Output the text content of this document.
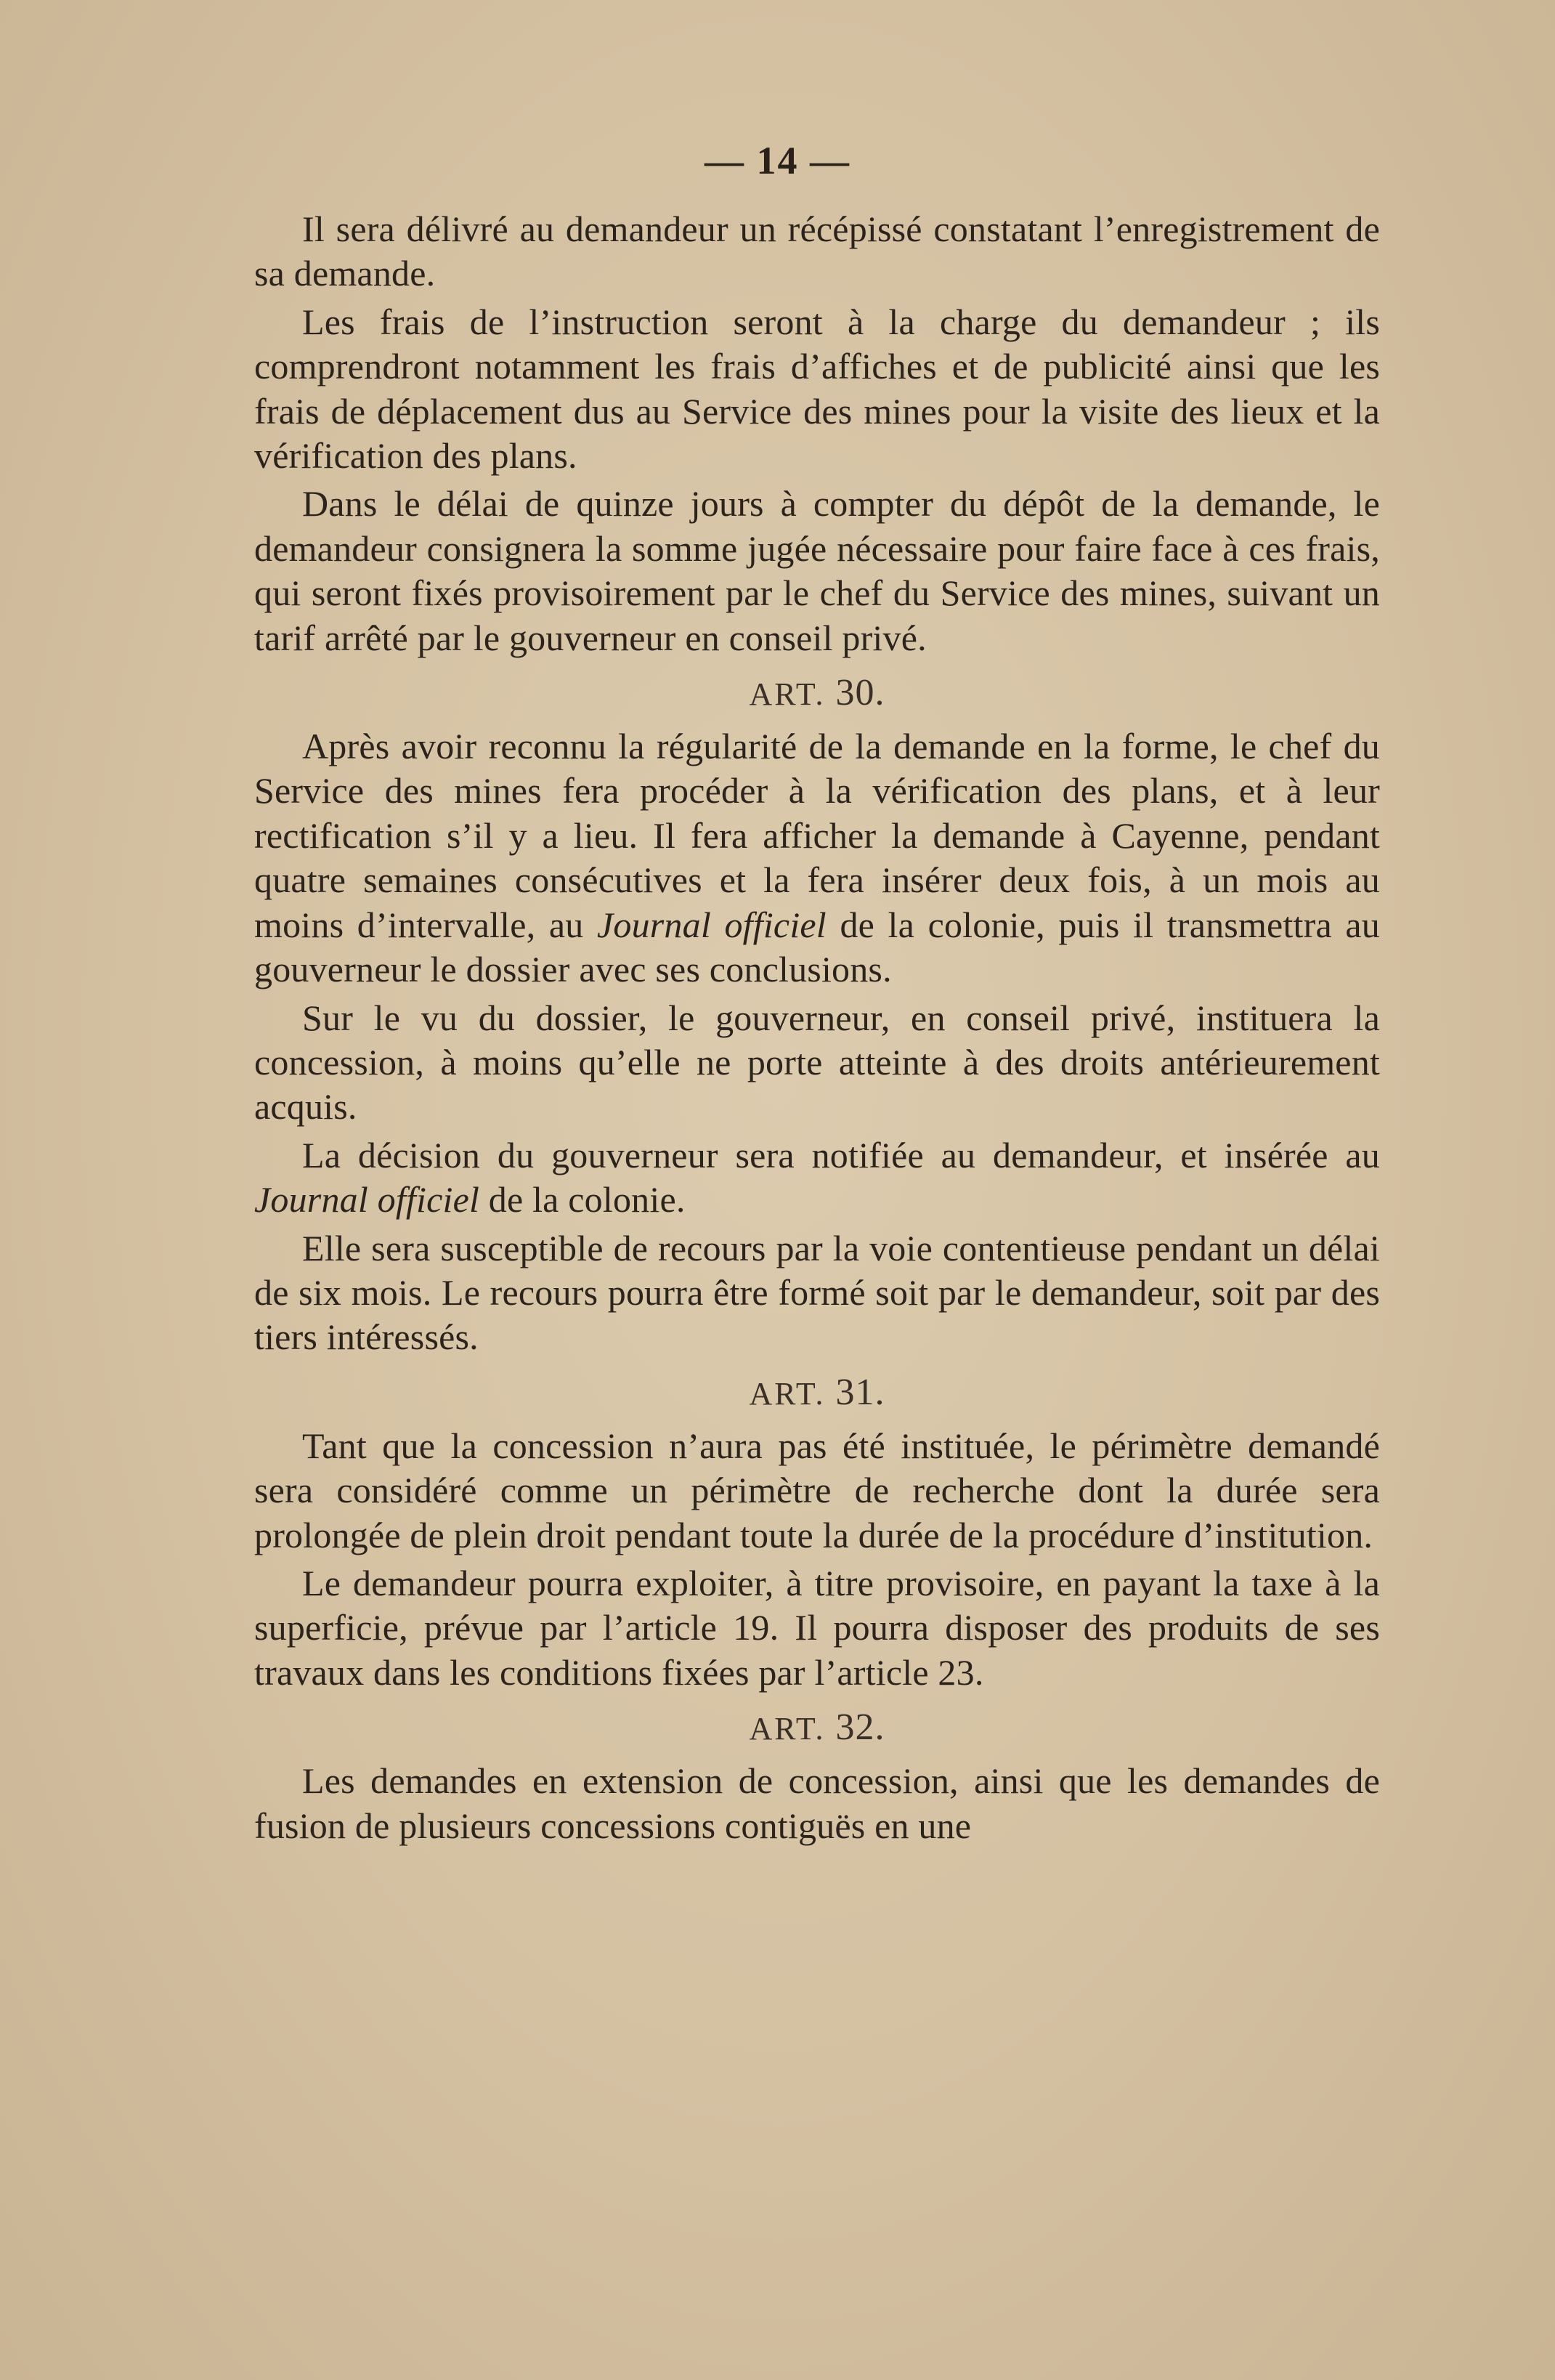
— 14 —

Il sera délivré au demandeur un récépissé constatant l’enregistrement de sa demande.

Les frais de l’instruction seront à la charge du demandeur ; ils comprendront notamment les frais d’affiches et de publicité ainsi que les frais de déplacement dus au Service des mines pour la visite des lieux et la vérification des plans.

Dans le délai de quinze jours à compter du dépôt de la demande, le demandeur consignera la somme jugée nécessaire pour faire face à ces frais, qui seront fixés provisoirement par le chef du Service des mines, suivant un tarif arrêté par le gouverneur en conseil privé.

ART. 30.

Après avoir reconnu la régularité de la demande en la forme, le chef du Service des mines fera procéder à la vérification des plans, et à leur rectification s’il y a lieu. Il fera afficher la demande à Cayenne, pendant quatre semaines consécutives et la fera insérer deux fois, à un mois au moins d’intervalle, au Journal officiel de la colonie, puis il transmettra au gouverneur le dossier avec ses conclusions.

Sur le vu du dossier, le gouverneur, en conseil privé, instituera la concession, à moins qu’elle ne porte atteinte à des droits antérieurement acquis.

La décision du gouverneur sera notifiée au demandeur, et insérée au Journal officiel de la colonie.

Elle sera susceptible de recours par la voie contentieuse pendant un délai de six mois. Le recours pourra être formé soit par le demandeur, soit par des tiers intéressés.

ART. 31.

Tant que la concession n’aura pas été instituée, le périmètre demandé sera considéré comme un périmètre de recherche dont la durée sera prolongée de plein droit pendant toute la durée de la procédure d’institution.

Le demandeur pourra exploiter, à titre provisoire, en payant la taxe à la superficie, prévue par l’article 19. Il pourra disposer des produits de ses travaux dans les conditions fixées par l’article 23.

ART. 32.

Les demandes en extension de concession, ainsi que les demandes de fusion de plusieurs concessions contiguës en une
